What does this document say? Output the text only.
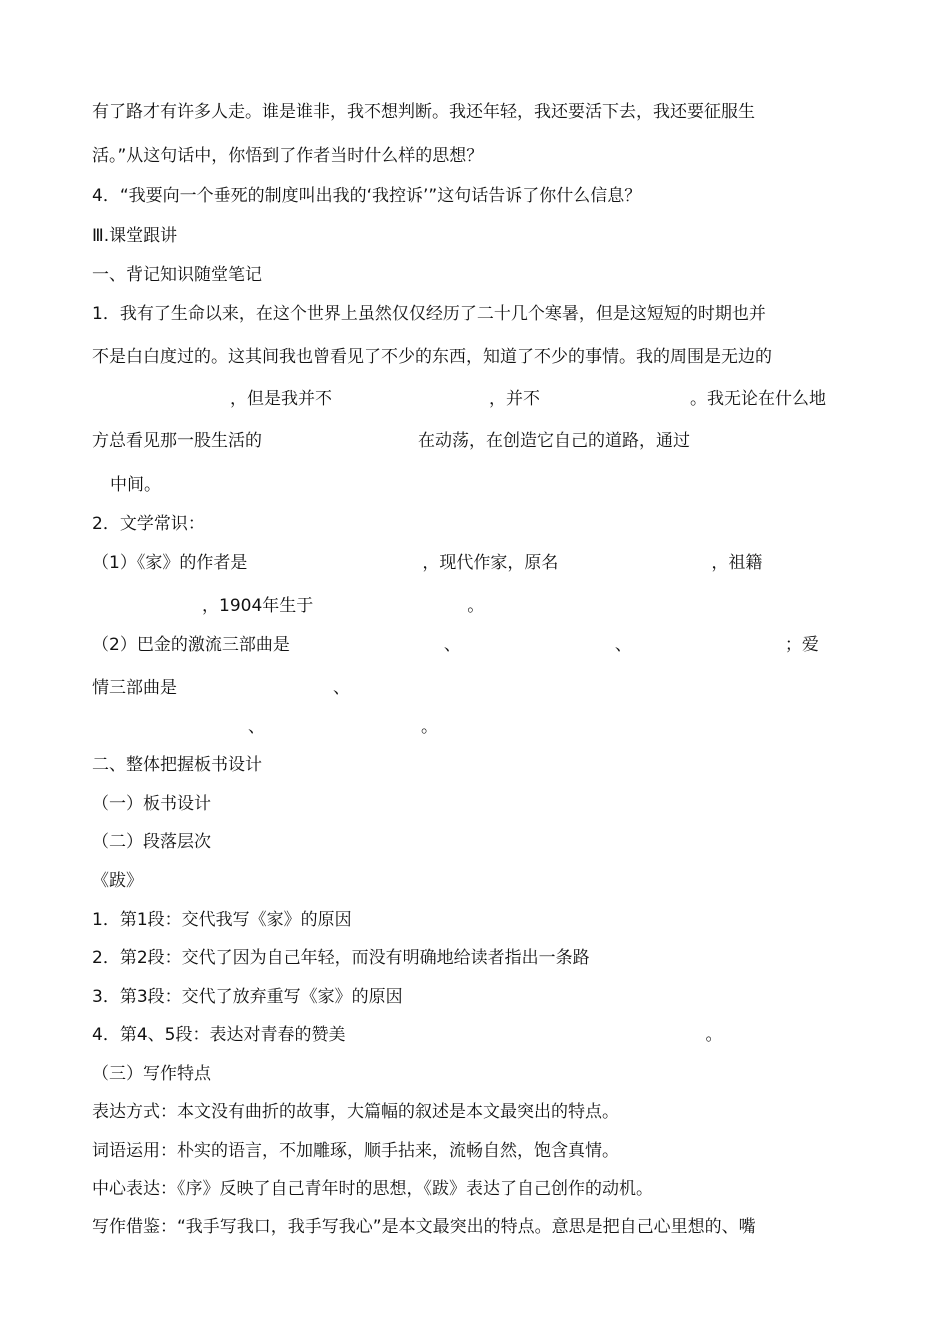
有了路才有许多人走。谁是谁非，我不想判断。我还年轻，我还要活下去，我还要征服生
活。”从这句话中，你悟到了作者当时什么样的思想？
4．“我要向一个垂死的制度叫出我的‘我控诉’”这句话告诉了你什么信息？
Ⅲ.课堂跟讲
一、背记知识随堂笔记
1．我有了生命以来，在这个世界上虽然仅仅经历了二十几个寒暑，但是这短短的时期也并
不是白白度过的。这其间我也曾看见了不少的东西，知道了不少的事情。我的周围是无边的
，但是我并不	，并不	。我无论在什么地
方总看见那一股生活的	在动荡，在创造它自己的道路，通过
中间。
2．文学常识：
（1）《家》的作者是	，现代作家，原名	，祖籍
，1904年生于	。
（2）巴金的激流三部曲是	、	、	；爱
情三部曲是	、
、	。
二、整体把握板书设计
（一）板书设计
（二）段落层次
《跋》
1．第1段：交代我写《家》的原因
2．第2段：交代了因为自己年轻，而没有明确地给读者指出一条路
3．第3段：交代了放弃重写《家》的原因
4．第4、5段：表达对青春的赞美	。
（三）写作特点
表达方式：本文没有曲折的故事，大篇幅的叙述是本文最突出的特点。
词语运用：朴实的语言，不加雕琢，顺手拈来，流畅自然，饱含真情。
中心表达：《序》反映了自己青年时的思想，《跋》表达了自己创作的动机。
写作借鉴：“我手写我口，我手写我心”是本文最突出的特点。意思是把自己心里想的、嘴
